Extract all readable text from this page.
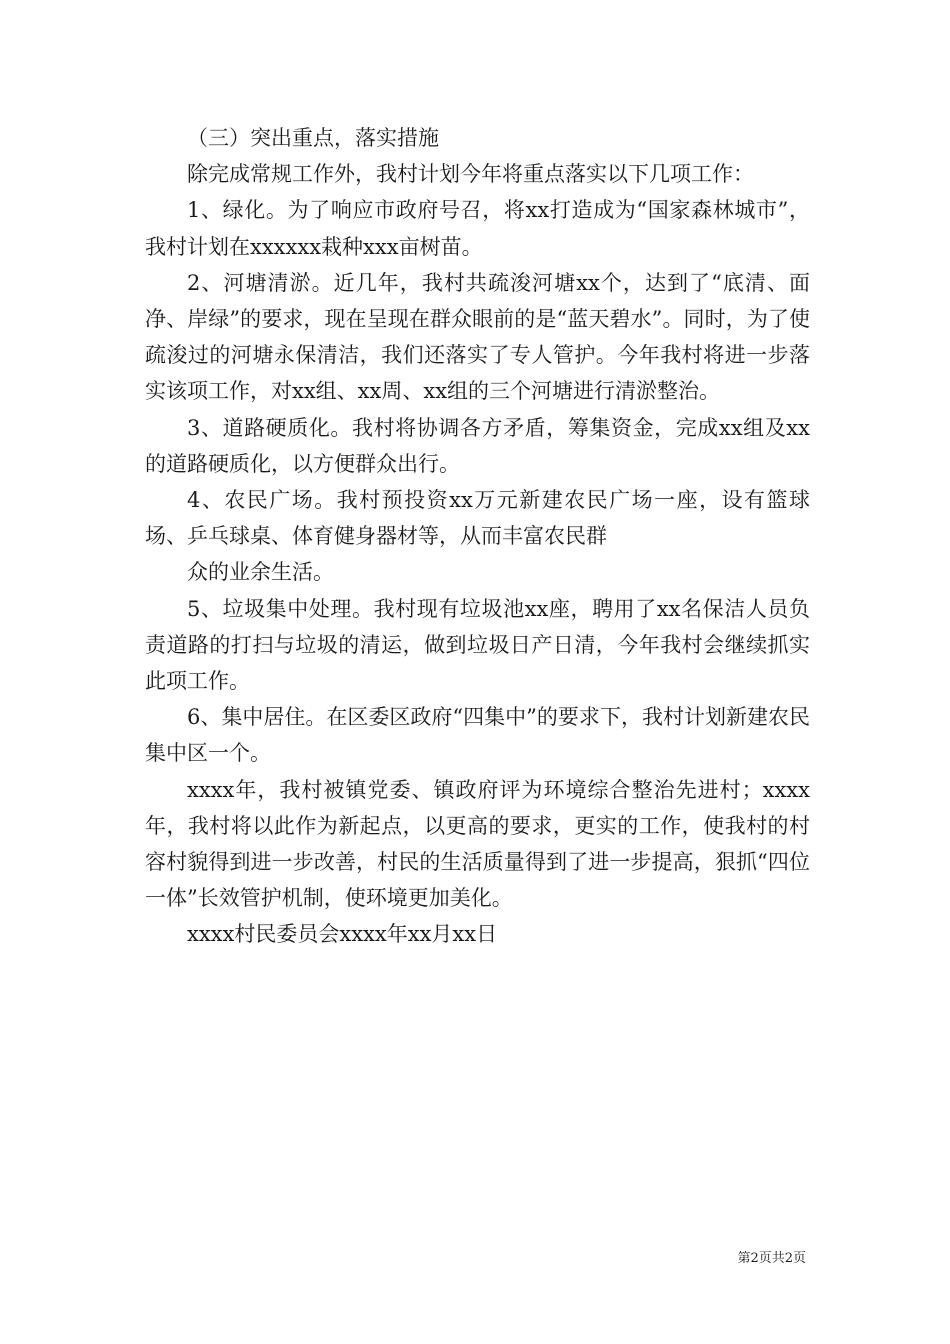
（三）突出重点，落实措施

除完成常规工作外，我村计划今年将重点落实以下几项工作：

1、绿化。为了响应市政府号召，将xx打造成为“国家森林城市”，我村计划在xxxxxx栽种xxx亩树苗。

2、河塘清淤。近几年，我村共疏浚河塘xx个，达到了“底清、面净、岸绿”的要求，现在呈现在群众眼前的是“蓝天碧水”。同时，为了使疏浚过的河塘永保清洁，我们还落实了专人管护。今年我村将进一步落实该项工作，对xx组、xx周、xx组的三个河塘进行清淤整治。

3、道路硬质化。我村将协调各方矛盾，筹集资金，完成xx组及xx的道路硬质化，以方便群众出行。

4、农民广场。我村预投资xx万元新建农民广场一座，设有篮球场、乒乓球桌、体育健身器材等，从而丰富农民群

众的业余生活。

5、垃圾集中处理。我村现有垃圾池xx座，聘用了xx名保洁人员负责道路的打扫与垃圾的清运，做到垃圾日产日清，今年我村会继续抓实此项工作。

6、集中居住。在区委区政府“四集中”的要求下，我村计划新建农民集中区一个。

xxxx年，我村被镇党委、镇政府评为环境综合整治先进村；xxxx年，我村将以此作为新起点，以更高的要求，更实的工作，使我村的村容村貌得到进一步改善，村民的生活质量得到了进一步提高，狠抓“四位一体”长效管护机制，使环境更加美化。

xxxx村民委员会xxxx年xx月xx日

第2页共2页
